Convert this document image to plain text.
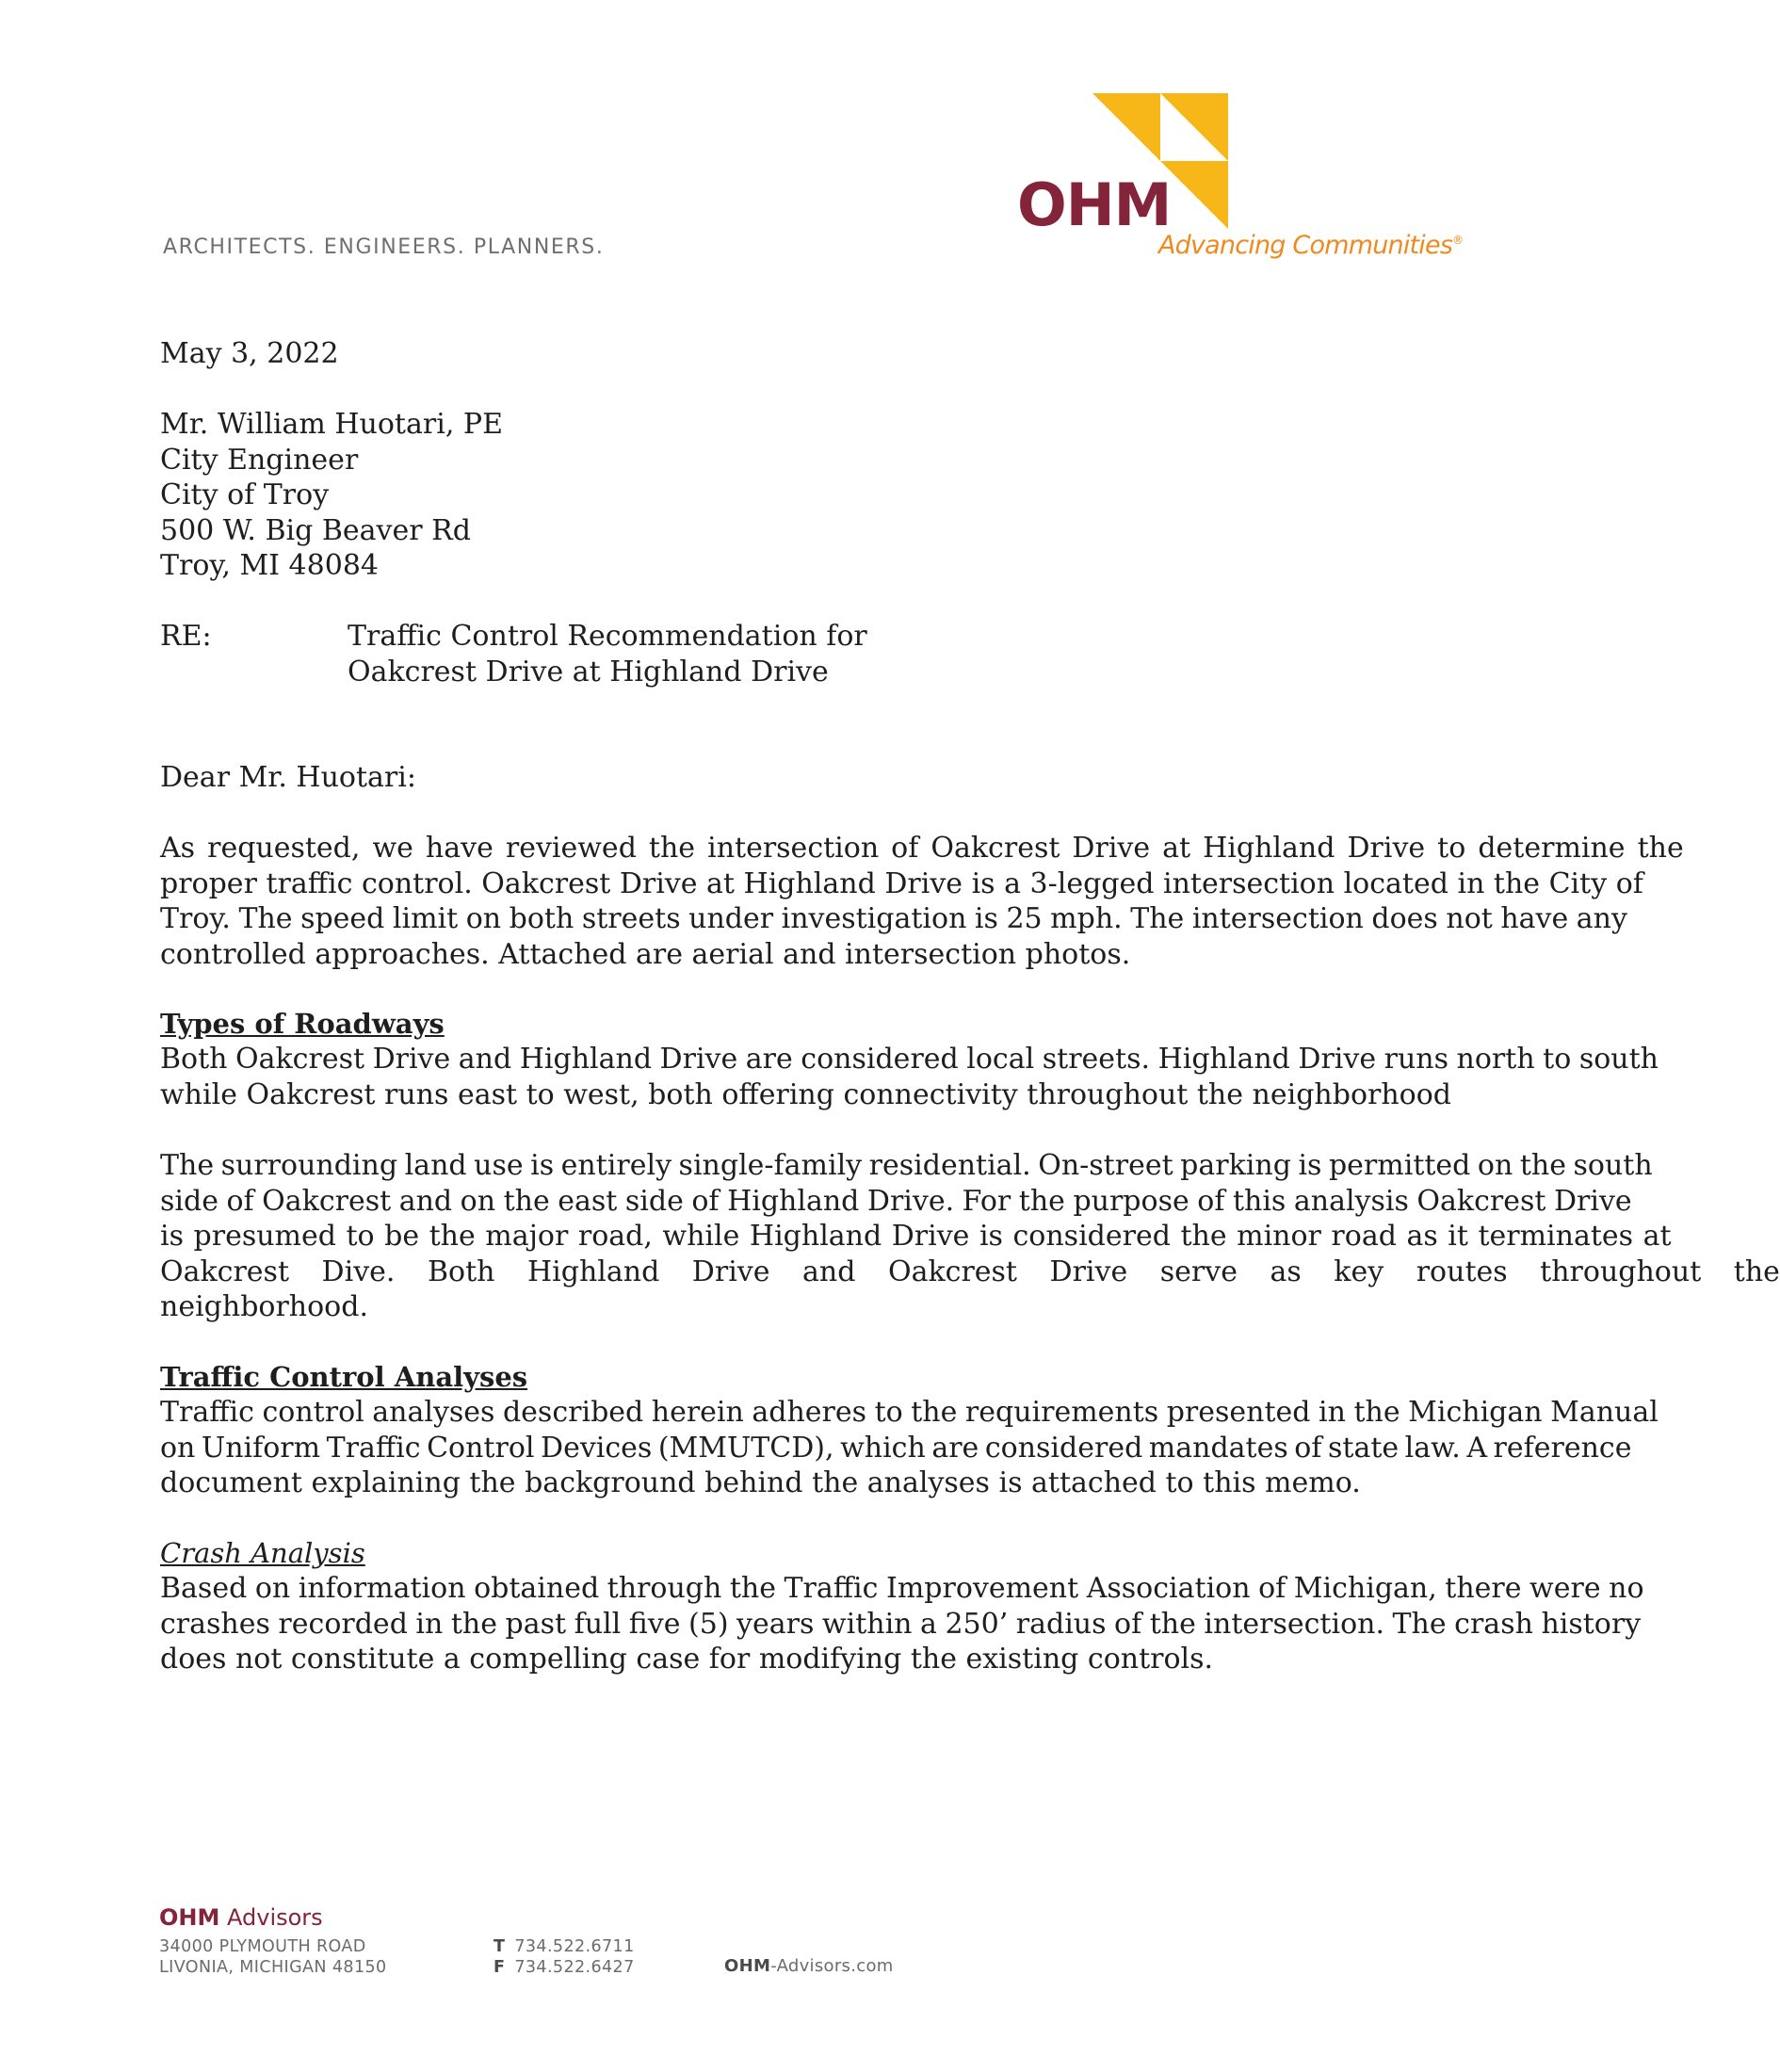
ARCHITECTS. ENGINEERS. PLANNERS.
OHM
Advancing Communities®
May 3, 2022
Mr. William Huotari, PE
City Engineer
City of Troy
500 W. Big Beaver Rd
Troy, MI 48084
RE:	Traffic Control Recommendation for
Oakcrest Drive at Highland Drive
Dear Mr. Huotari:
As requested, we have reviewed the intersection of Oakcrest Drive at Highland Drive to determine the
proper traffic control. Oakcrest Drive at Highland Drive is a 3-legged intersection located in the City of
Troy. The speed limit on both streets under investigation is 25 mph. The intersection does not have any
controlled approaches. Attached are aerial and intersection photos.
Types of Roadways
Both Oakcrest Drive and Highland Drive are considered local streets. Highland Drive runs north to south
while Oakcrest runs east to west, both offering connectivity throughout the neighborhood
The surrounding land use is entirely single-family residential. On-street parking is permitted on the south
side of Oakcrest and on the east side of Highland Drive. For the purpose of this analysis Oakcrest Drive
is presumed to be the major road, while Highland Drive is considered the minor road as it terminates at
Oakcrest Dive. Both Highland Drive and Oakcrest Drive serve as key routes throughout the
neighborhood.
Traffic Control Analyses
Traffic control analyses described herein adheres to the requirements presented in the Michigan Manual
on Uniform Traffic Control Devices (MMUTCD), which are considered mandates of state law. A reference
document explaining the background behind the analyses is attached to this memo.
Crash Analysis
Based on information obtained through the Traffic Improvement Association of Michigan, there were no
crashes recorded in the past full five (5) years within a 250’ radius of the intersection. The crash history
does not constitute a compelling case for modifying the existing controls.
OHM Advisors
34000 PLYMOUTH ROAD
LIVONIA, MICHIGAN 48150
T 734.522.6711
F 734.522.6427	OHM-Advisors.com
